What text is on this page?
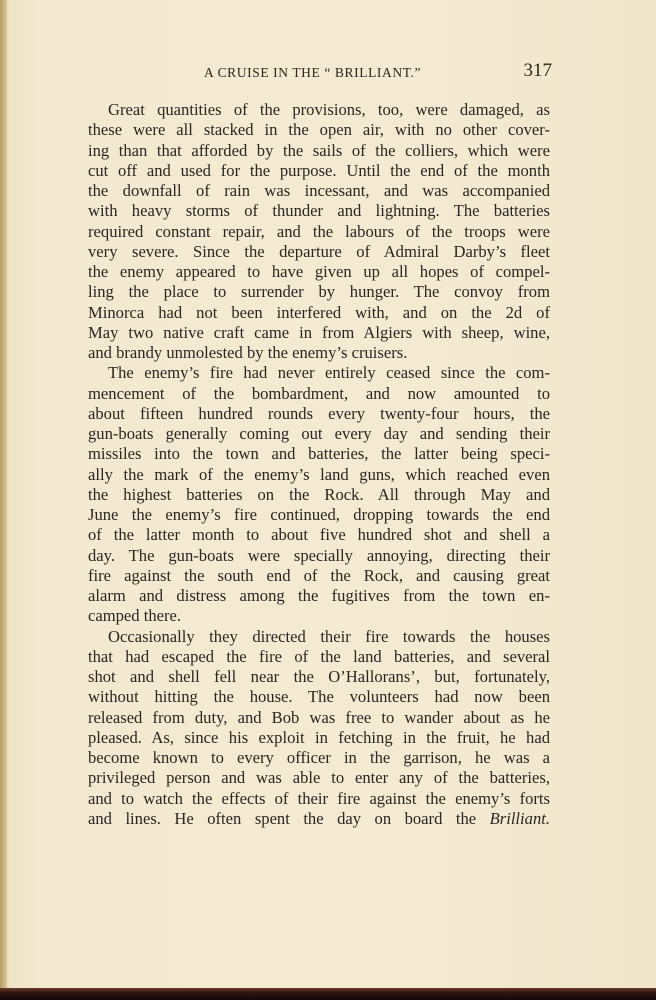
A CRUISE IN THE “ BRILLIANT.”	317
Great quantities of the provisions, too, were damaged, as
these were all stacked in the open air, with no other cover-
ing than that afforded by the sails of the colliers, which were
cut off and used for the purpose. Until the end of the month
the downfall of rain was incessant, and was accompanied
with heavy storms of thunder and lightning. The batteries
required constant repair, and the labours of the troops were
very severe. Since the departure of Admiral Darby’s fleet
the enemy appeared to have given up all hopes of compel-
ling the place to surrender by hunger. The convoy from
Minorca had not been interfered with, and on the 2d of
May two native craft came in from Algiers with sheep, wine,
and brandy unmolested by the enemy’s cruisers.
The enemy’s fire had never entirely ceased since the com-
mencement of the bombardment, and now amounted to
about fifteen hundred rounds every twenty-four hours, the
gun-boats generally coming out every day and sending their
missiles into the town and batteries, the latter being speci-
ally the mark of the enemy’s land guns, which reached even
the highest batteries on the Rock. All through May and
June the enemy’s fire continued, dropping towards the end
of the latter month to about five hundred shot and shell a
day. The gun-boats were specially annoying, directing their
fire against the south end of the Rock, and causing great
alarm and distress among the fugitives from the town en-
camped there.
Occasionally they directed their fire towards the houses
that had escaped the fire of the land batteries, and several
shot and shell fell near the O’Hallorans’, but, fortunately,
without hitting the house. The volunteers had now been
released from duty, and Bob was free to wander about as he
pleased. As, since his exploit in fetching in the fruit, he had
become known to every officer in the garrison, he was a
privileged person and was able to enter any of the batteries,
and to watch the effects of their fire against the enemy’s forts
and lines. He often spent the day on board the Brilliant.
